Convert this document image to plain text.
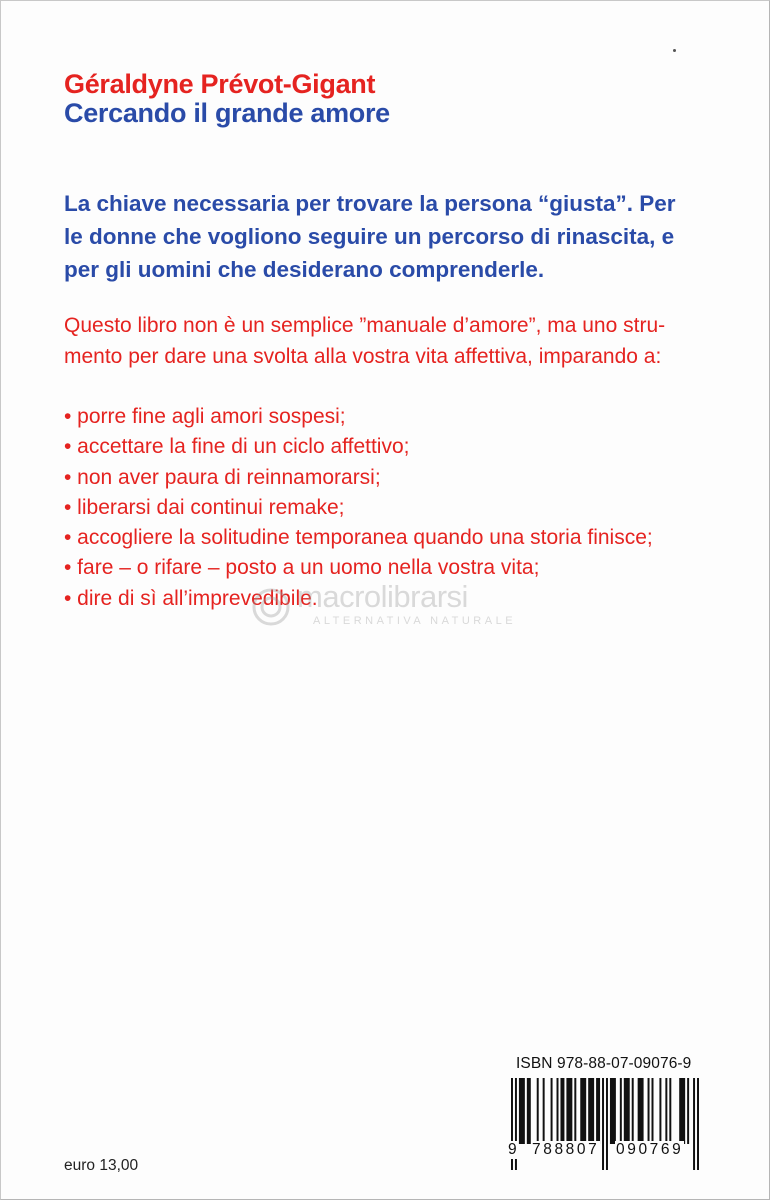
Géraldyne Prévot-Gigant
Cercando il grande amore
La chiave necessaria per trovare la persona “giusta”. Per
le donne che vogliono seguire un percorso di rinascita, e
per gli uomini che desiderano comprenderle.
Questo libro non è un semplice ”manuale d’amore”, ma uno stru-
mento per dare una svolta alla vostra vita affettiva, imparando a:
• porre fine agli amori sospesi;
• accettare la fine di un ciclo affettivo;
• non aver paura di reinnamorarsi;
• liberarsi dai continui remake;
• accogliere la solitudine temporanea quando una storia finisce;
• fare – o rifare – posto a un uomo nella vostra vita;
• dire di sì all’imprevedibile.
macrolibrarsi
ALTERNATIVA NATURALE
ISBN 978-88-07-09076-9
9 788807 090769
euro 13,00
